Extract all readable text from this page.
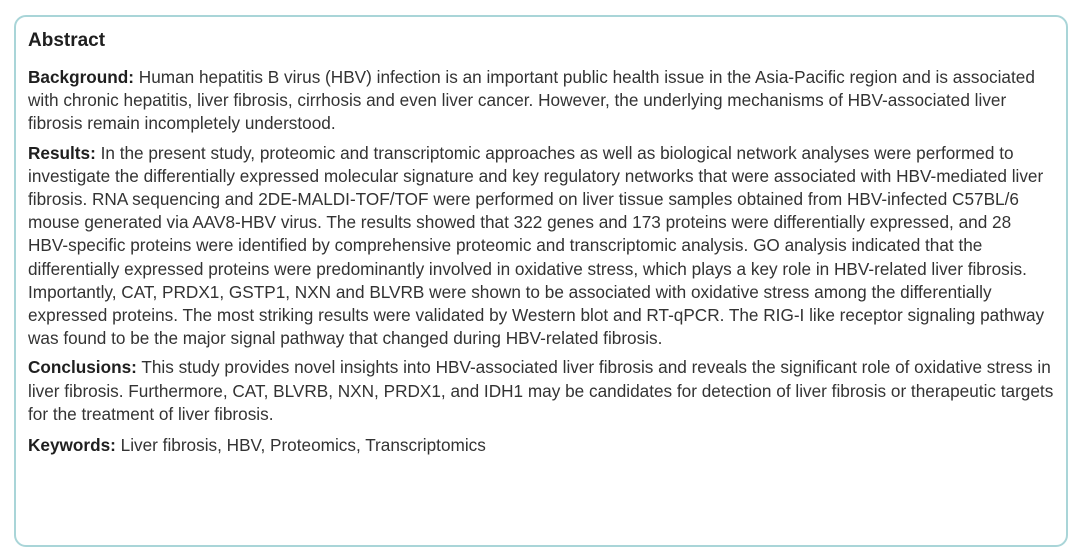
Abstract

Background: Human hepatitis B virus (HBV) infection is an important public health issue in the Asia-Pacific region and is associated with chronic hepatitis, liver fibrosis, cirrhosis and even liver cancer. However, the underlying mechanisms of HBV-associated liver fibrosis remain incompletely understood.

Results: In the present study, proteomic and transcriptomic approaches as well as biological network analyses were performed to investigate the differentially expressed molecular signature and key regulatory networks that were associated with HBV-mediated liver fibrosis. RNA sequencing and 2DE-MALDI-TOF/TOF were performed on liver tissue samples obtained from HBV-infected C57BL/6 mouse generated via AAV8-HBV virus. The results showed that 322 genes and 173 proteins were differentially expressed, and 28 HBV-specific proteins were identified by comprehensive proteomic and transcriptomic analysis. GO analysis indicated that the differentially expressed proteins were predominantly involved in oxidative stress, which plays a key role in HBV-related liver fibrosis. Importantly, CAT, PRDX1, GSTP1, NXN and BLVRB were shown to be associated with oxidative stress among the differentially expressed proteins. The most striking results were validated by Western blot and RT-qPCR. The RIG-I like receptor signaling pathway was found to be the major signal pathway that changed during HBV-related fibrosis.

Conclusions: This study provides novel insights into HBV-associated liver fibrosis and reveals the significant role of oxidative stress in liver fibrosis. Furthermore, CAT, BLVRB, NXN, PRDX1, and IDH1 may be candidates for detection of liver fibrosis or therapeutic targets for the treatment of liver fibrosis.

Keywords: Liver fibrosis, HBV, Proteomics, Transcriptomics
